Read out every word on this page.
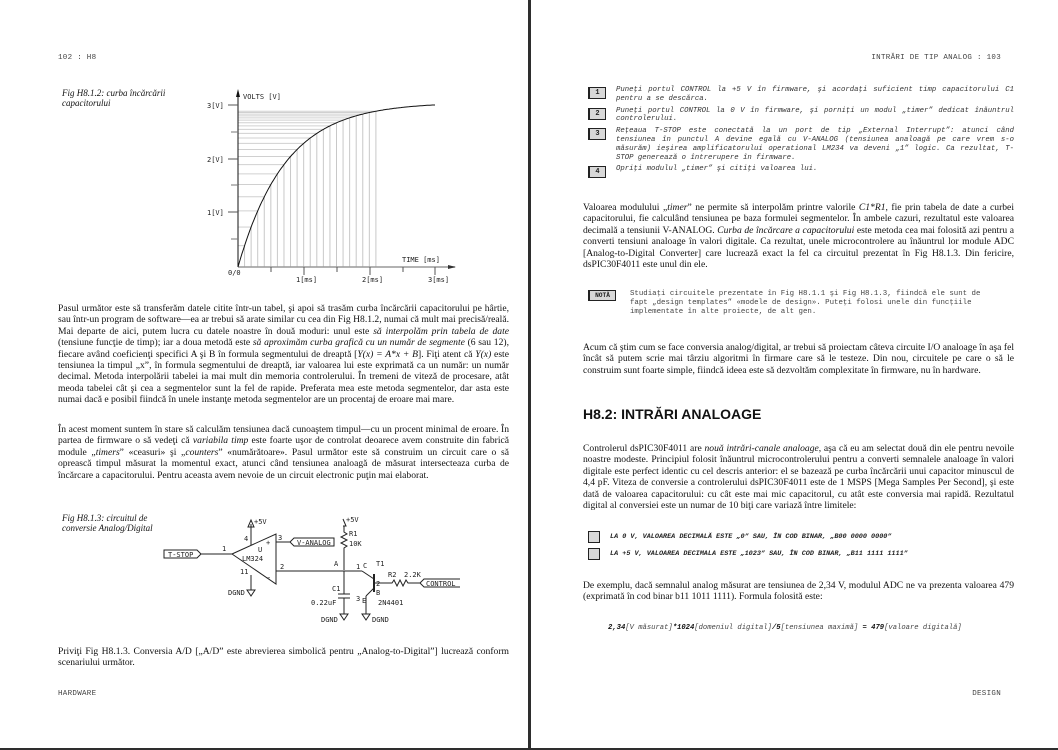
102 : H8
Fig H8.1.2: curba încărcării
capacitorului
VOLTS [V]
TIME [ms]
3[V]
2[V]
1[V]
0/0
1[ms]	2[ms]	3[ms]
Pasul următor este să transferăm datele citite într-un tabel, şi apoi să trasăm curba încărcării capacitorului pe hârtie, sau într-un program de software—ea ar trebui să arate similar cu cea din Fig H8.1.2, numai că mult mai precisă/reală. Mai departe de aici, putem lucra cu datele noastre în două moduri: unul este să interpolăm prin tabela de date (tensiune funcţie de timp); iar a doua metodă este să aproximăm curba grafică cu un număr de segmente (6 sau 12), fiecare având coeficienţi specifici A şi B în formula segmentului de dreaptă [Y(x) = A*x + B]. Fiţi atent că Y(x) este tensiunea la timpul „x”, în formula segmentului de dreaptă, iar valoarea lui este exprimată ca un număr: un număr decimal. Metoda interpolării tabelei ia mai mult din memoria controlerului. În tremeni de viteză de procesare, atât meoda tabelei cât şi cea a segmentelor sunt la fel de rapide. Preferata mea este metoda segmentelor, dar asta este numai dacă e posibil fiindcă în unele instanţe metoda segmentelor are un procentaj de eroare mai mare.
În acest moment suntem în stare să calculăm tensiunea dacă cunoaştem timpul—cu un procent minimal de eroare. În partea de firmware o să vedeţi că variabila timp este foarte uşor de controlat deoarece avem construite din fabrică module „timers” «ceasuri» şi „counters” «numărătoare». Pasul următor este să construim un circuit care o să oprească timpul măsurat la momentul exact, atunci când tensiunea analoagă de măsurat intersecteaza curba de încărcare a capacitorului. Pentru aceasta avem nevoie de un circuit electronic puţin mai elaborat.
Fig H8.1.3: circuitul de
conversie Analog/Digital
T-STOP
1
LM324
U
+
−
+5V
4
11
DGND
3
V-ANALOG
2
+5V
R1
10K
A
C1
0.22uF
DGND
1 C T1
2
B
E
3	2N4401
DGND
R2 2.2K
CONTROL
Priviţi Fig H8.1.3. Conversia A/D [„A/D” este abrevierea simbolică pentru „Analog-to-Digital”] lucrează conform scenariului următor.
HARDWARE
INTRĂRI DE TIP ANALOG : 103
1	Puneţi portul CONTROL la +5 V în firmware, şi acordaţi suficient timp capacitorului C1 pentru a se descărca.
2	Puneţi portul CONTROL la 0 V în firmware, şi porniţi un modul „timer” dedicat înăuntrul controlerului.
3	Reţeaua T-STOP este conectată la un port de tip „External Interrupt”: atunci când tensiunea în punctul A devine egală cu V-ANALOG (tensiunea analoagă pe care vrem s-o măsurăm) ieşirea amplificatorului operational LM234 va deveni „1” logic. Ca rezultat, T-STOP generează o întrerupere în firmware.
4	Opriţi modulul „timer” şi citiţi valoarea lui.
Valoarea modulului „timer” ne permite să interpolăm printre valorile C1*R1, fie prin tabela de date a curbei capacitorului, fie calculând tensiunea pe baza formulei segmentelor. În ambele cazuri, rezultatul este valoarea decimală a tensiunii V-ANALOG. Curba de încărcare a capacitorului este metoda cea mai folosită azi pentru a converti tensiuni analoage în valori digitale. Ca rezultat, unele microcontrolere au înăuntrul lor module ADC [Analog-to-Digital Converter] care lucrează exact la fel ca circuitul prezentat în Fig H8.1.3. Din fericire, dsPIC30F4011 este unul din ele.
NOTĂ	Studiaţi circuitele prezentate în Fig H8.1.1 şi Fig H8.1.3, fiindcă ele sunt de fapt „design templates” «modele de design». Puteţi folosi unele din funcţiile implementate în alte proiecte, de alt gen.
Acum că ştim cum se face conversia analog/digital, ar trebui să proiectam câteva circuite I/O analoage în aşa fel încât să putem scrie mai târziu algoritmi în firmare care să le testeze. Din nou, circuitele pe care o să le construim sunt foarte simple, fiindcă ideea este să dezvoltăm complexitate în firmware, nu în hardware.
H8.2: INTRĂRI ANALOAGE
Controlerul dsPIC30F4011 are nouă intrări-canale analoage, aşa că eu am selectat două din ele pentru nevoile noastre modeste. Principiul folosit înăuntrul microcontrolerului pentru a converti semnalele analoage în valori digitale este perfect identic cu cel descris anterior: el se bazează pe curba încărcării unui capacitor minuscul de 4,4 pF. Viteza de conversie a controlerului dsPIC30F4011 este de 1 MSPS [Mega Samples Per Second], şi este dată de valoarea capacitorului: cu cât este mai mic capacitorul, cu atât este conversia mai rapidă. Rezultatul digital al conversiei este un numar de 10 biţi care variază între limitele:
LA 0 V, VALOAREA DECIMALĂ ESTE „0” SAU, ÎN COD BINAR, „B00 0000 0000”
LA +5 V, VALOAREA DECIMALA ESTE „1023” SAU, ÎN COD BINAR, „B11 1111 1111”
De exemplu, dacă semnalul analog măsurat are tensiunea de 2,34 V, modulul ADC ne va prezenta valoarea 479 (exprimată în cod binar b11 1011 1111). Formula folosită este:
2,34[V măsurat]*1024[domeniul digital]/5[tensiunea maximă] = 479[valoare digitală]
DESIGN
